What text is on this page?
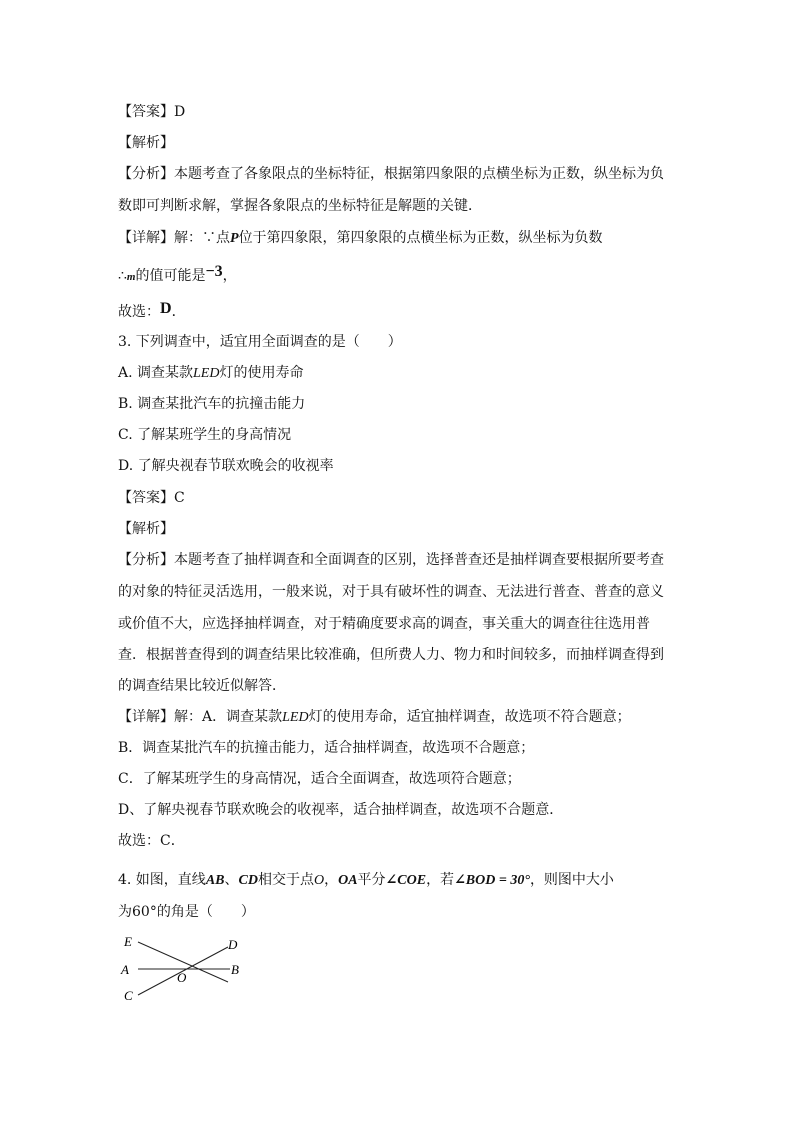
【答案】D
【解析】
【分析】本题考查了各象限点的坐标特征，根据第四象限的点横坐标为正数，纵坐标为负
数即可判断求解，掌握各象限点的坐标特征是解题的关键．
【详解】解：∵点P位于第四象限，第四象限的点横坐标为正数，纵坐标为负数
∴m的值可能是−3，
故选：D．
3. 下列调查中，适宜用全面调查的是（　　）
A. 调查某款LED灯的使用寿命
B. 调查某批汽车的抗撞击能力
C. 了解某班学生的身高情况
D. 了解央视春节联欢晚会的收视率
【答案】C
【解析】
【分析】本题考查了抽样调查和全面调查的区别，选择普查还是抽样调查要根据所要考查
的对象的特征灵活选用，一般来说，对于具有破坏性的调查、无法进行普查、普查的意义
或价值不大，应选择抽样调查，对于精确度要求高的调查，事关重大的调查往往选用普
查．根据普查得到的调查结果比较准确，但所费人力、物力和时间较多，而抽样调查得到
的调查结果比较近似解答．
【详解】解：A．调查某款LED灯的使用寿命，适宜抽样调查，故选项不符合题意；
B．调查某批汽车的抗撞击能力，适合抽样调查，故选项不合题意；
C．了解某班学生的身高情况，适合全面调查，故选项符合题意；
D、了解央视春节联欢晚会的收视率，适合抽样调查，故选项不合题意．
故选：C．
4. 如图，直线AB、CD相交于点O，OA平分∠COE，若∠BOD = 30°，则图中大小
为60°的角是（　　）
E	D
A	B
C
O
